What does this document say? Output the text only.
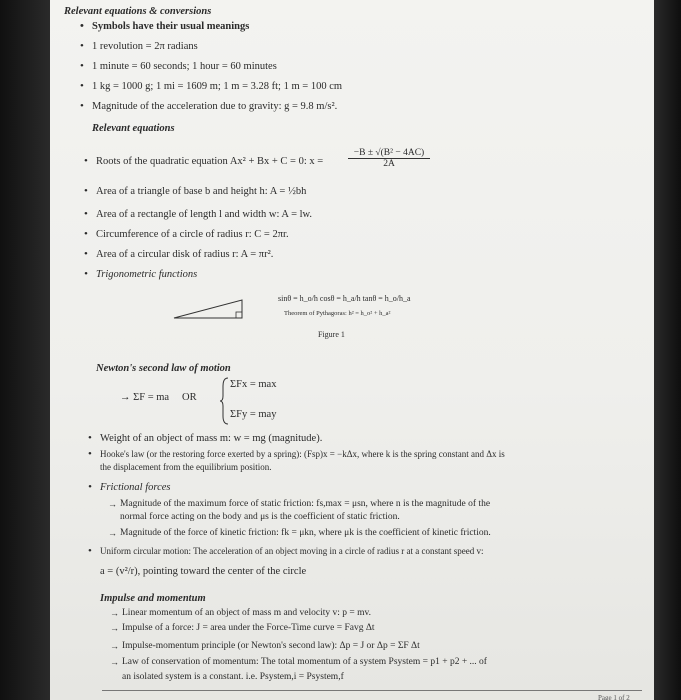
Relevant equations & conversions
• Symbols have their usual meanings
• 1 revolution = 2π radians
• 1 minute = 60 seconds; 1 hour = 60 minutes
• 1 kg = 1000 g; 1 mi = 1609 m; 1 m = 3.28 ft; 1 m = 100 cm
• Magnitude of the acceleration due to gravity: g = 9.8 m/s².
Relevant equations
• Roots of the quadratic equation Ax² + Bx + C = 0: x =	$\frac{\text{−B ± √(B² − 4AC)}}{2A}$
• Area of a triangle of base b and height h: A = ½bh
• Area of a rectangle of length l and width w: A = lw.
• Circumference of a circle of radius r: C = 2πr.
• Area of a circular disk of radius r: A = πr².
• Trigonometric functions
sinθ = h_o/h cosθ = h_a/h tanθ = h_o/h_a
Theorem of Pythagoras: h² = h_o² + h_a²
Figure 1
Newton's second law of motion
→ ΣF = ma OR
ΣFx = max
ΣFy = may
• Weight of an object of mass m: w = mg (magnitude).
• Hooke's law (or the restoring force exerted by a spring): (Fsp)x = −kΔx, where k is the spring constant and Δx is
the displacement from the equilibrium position.
• Frictional forces
→ Magnitude of the maximum force of static friction: fs,max = μsn, where n is the magnitude of the
normal force acting on the body and μs is the coefficient of static friction.
→ Magnitude of the force of kinetic friction: fk = μkn, where μk is the coefficient of kinetic friction.
• Uniform circular motion: The acceleration of an object moving in a circle of radius r at a constant speed v:
a = (v²/r), pointing toward the center of the circle
Impulse and momentum
→ Linear momentum of an object of mass m and velocity v: p = mv.
→ Impulse of a force: J = area under the Force-Time curve = Favg Δt
→ Impulse-momentum principle (or Newton's second law): Δp = J or Δp = ΣF Δt
→ Law of conservation of momentum: The total momentum of a system Psystem = p1 + p2 + ... of
an isolated system is a constant. i.e. Psystem,i = Psystem,f
Page 1 of 2
